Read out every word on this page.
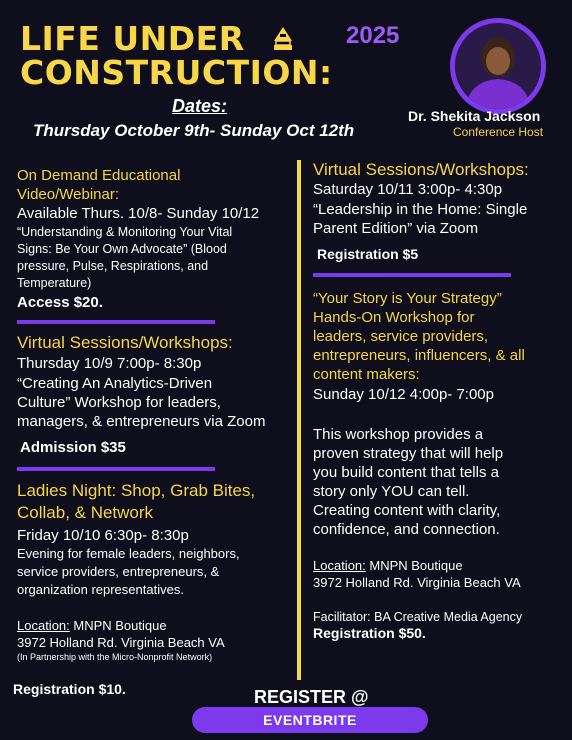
LIFE UNDER
CONSTRUCTION:
2025
Dates:
Thursday October 9th- Sunday Oct 12th
Dr. Shekita Jackson
Conference Host
On Demand Educational
Video/Webinar:
Available Thurs. 10/8- Sunday 10/12
“Understanding & Monitoring Your Vital
Signs: Be Your Own Advocate” (Blood
pressure, Pulse, Respirations, and
Temperature)
Access $20.
Virtual Sessions/Workshops:
Thursday 10/9 7:00p- 8:30p
“Creating An Analytics-Driven
Culture” Workshop for leaders,
managers, & entrepreneurs via Zoom
Admission $35
Ladies Night: Shop, Grab Bites,
Collab, & Network
Friday 10/10 6:30p- 8:30p
Evening for female leaders, neighbors,
service providers, entrepreneurs, &
organization representatives.
Location: MNPN Boutique
3972 Holland Rd. Virginia Beach VA
(In Partnership with the Micro-Nonprofit Network)
Registration $10.
Virtual Sessions/Workshops:
Saturday 10/11 3:00p- 4:30p
“Leadership in the Home: Single
Parent Edition” via Zoom
Registration $5
“Your Story is Your Strategy”
Hands-On Workshop for
leaders, service providers,
entrepreneurs, influencers, & all
content makers:
Sunday 10/12 4:00p- 7:00p
This workshop provides a
proven strategy that will help
you build content that tells a
story only YOU can tell.
Creating content with clarity,
confidence, and connection.
Location: MNPN Boutique
3972 Holland Rd. Virginia Beach VA
Facilitator: BA Creative Media Agency
Registration $50.
REGISTER @
EVENTBRITE
